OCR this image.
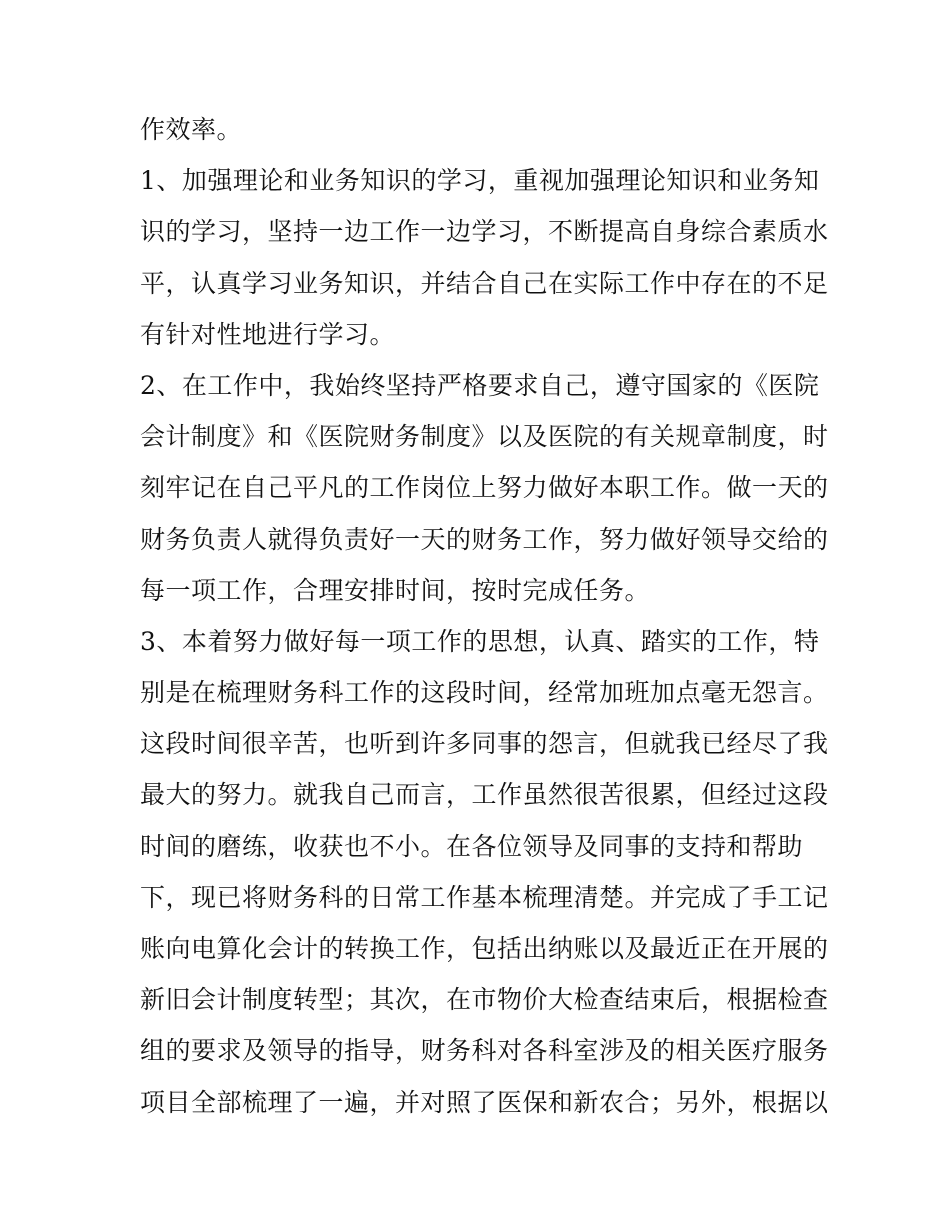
作效率。
1、加强理论和业务知识的学习，重视加强理论知识和业务知
识的学习，坚持一边工作一边学习，不断提高自身综合素质水
平，认真学习业务知识，并结合自己在实际工作中存在的不足
有针对性地进行学习。
2、在工作中，我始终坚持严格要求自己，遵守国家的《医院
会计制度》和《医院财务制度》以及医院的有关规章制度，时
刻牢记在自己平凡的工作岗位上努力做好本职工作。做一天的
财务负责人就得负责好一天的财务工作，努力做好领导交给的
每一项工作，合理安排时间，按时完成任务。
3、本着努力做好每一项工作的思想，认真、踏实的工作，特
别是在梳理财务科工作的这段时间，经常加班加点毫无怨言。
这段时间很辛苦，也听到许多同事的怨言，但就我已经尽了我
最大的努力。就我自己而言，工作虽然很苦很累，但经过这段
时间的磨练，收获也不小。在各位领导及同事的支持和帮助
下，现已将财务科的日常工作基本梳理清楚。并完成了手工记
账向电算化会计的转换工作，包括出纳账以及最近正在开展的
新旧会计制度转型；其次，在市物价大检查结束后，根据检查
组的要求及领导的指导，财务科对各科室涉及的相关医疗服务
项目全部梳理了一遍，并对照了医保和新农合；另外，根据以
